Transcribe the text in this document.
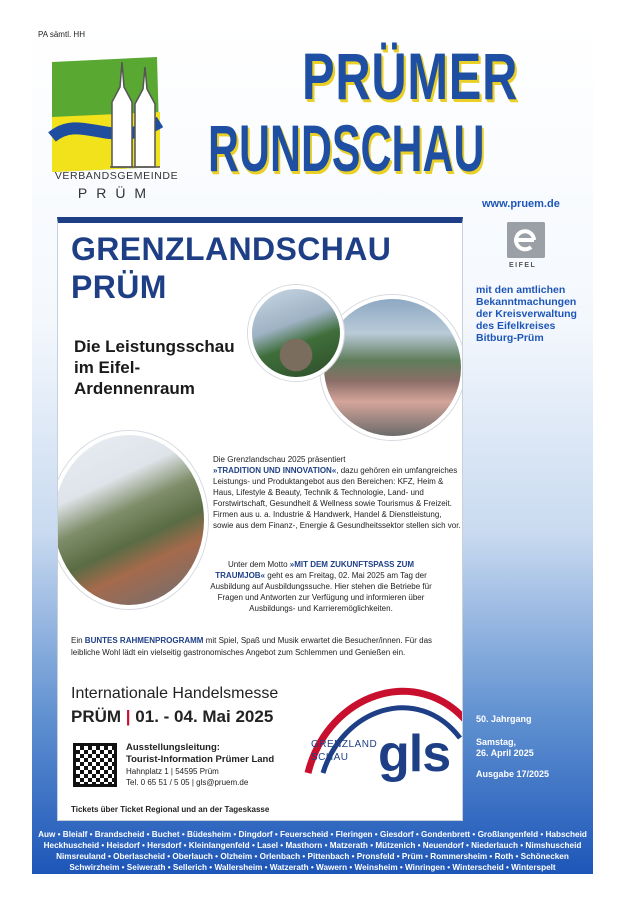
PA sämtl. HH
VERBANDSGEMEINDE
PRÜM
PRÜMER
RUNDSCHAU
www.pruem.de
EIFEL
mit den amtlichen Bekanntmachungen der Kreisverwaltung des Eifelkreises Bitburg-Prüm
GRENZLANDSCHAU
PRÜM
Die Leistungsschau
im Eifel-
Ardennenraum
Die Grenzlandschau 2025 präsentiert
»TRADITION UND INNOVATION«, dazu gehören ein umfangreiches Leistungs- und Produktangebot aus den Bereichen: KFZ, Heim & Haus, Lifestyle & Beauty, Technik & Technologie, Land- und Forstwirtschaft, Gesundheit & Wellness sowie Tourismus & Freizeit. Firmen aus u. a. Industrie & Handwerk, Handel & Dienstleistung, sowie aus dem Finanz-, Energie & Gesundheitssektor stellen sich vor.
Unter dem Motto »MIT DEM ZUKUNFTSPASS ZUM TRAUMJOB« geht es am Freitag, 02. Mai 2025 am Tag der Ausbildung auf Ausbildungssuche. Hier stehen die Betriebe für Fragen und Antworten zur Verfügung und informieren über Ausbildungs- und Karrieremöglichkeiten.
Ein BUNTES RAHMENPROGRAMM mit Spiel, Spaß und Musik erwartet die Besucher/innen. Für das leibliche Wohl lädt ein vielseitig gastronomisches Angebot zum Schlemmen und Genießen ein.
Internationale Handelsmesse
PRÜM | 01. - 04. Mai 2025
Ausstellungsleitung:
Tourist-Information Prümer Land
Hahnplatz 1 | 54595 Prüm
Tel. 0 65 51 / 5 05 | gls@pruem.de
Tickets über Ticket Regional und an der Tageskasse
GRENZLAND
SCHAU gls
50. Jahrgang
Samstag,
26. April 2025
Ausgabe 17/2025
Auw • Bleialf • Brandscheid • Buchet • Büdesheim • Dingdorf • Feuerscheid • Fleringen • Giesdorf • Gondenbrett • Großlangenfeld • Habscheid
Heckhuscheid • Heisdorf • Hersdorf • Kleinlangenfeld • Lasel • Masthorn • Matzerath • Mützenich • Neuendorf • Niederlauch • Nimshuscheid
Nimsreuland • Oberlascheid • Oberlauch • Olzheim • Orlenbach • Pittenbach • Pronsfeld • Prüm • Rommersheim • Roth • Schönecken
Schwirzheim • Seiwerath • Sellerich • Wallersheim • Watzerath • Wawern • Weinsheim • Winringen • Winterscheid • Winterspelt
